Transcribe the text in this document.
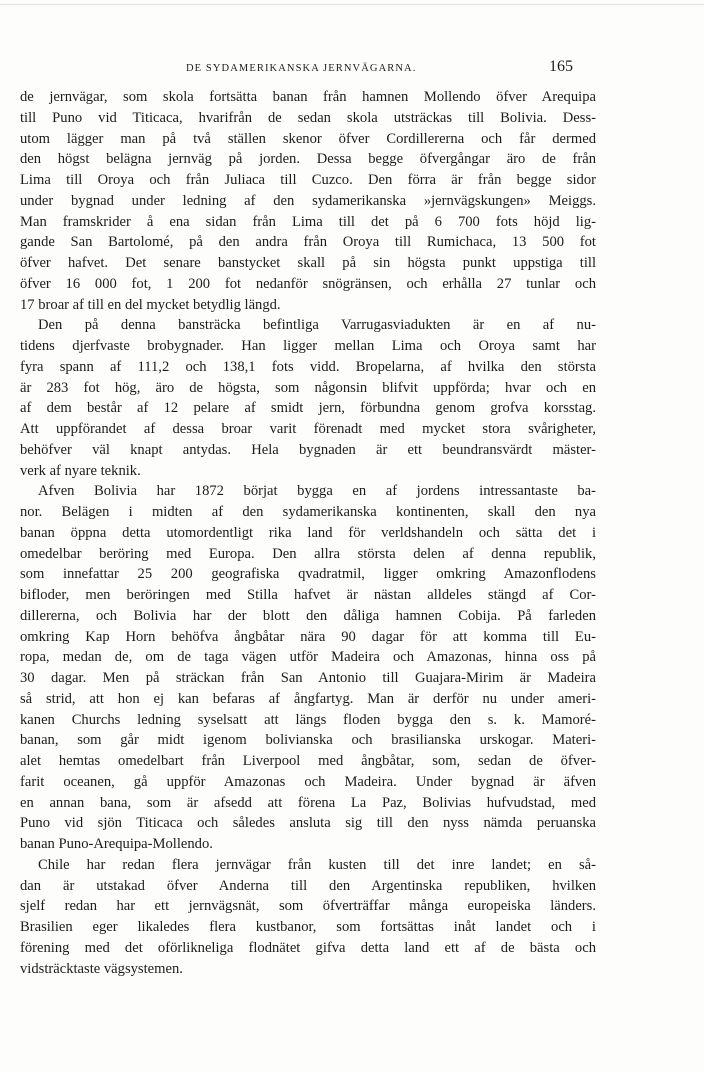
DE SYDAMERIKANSKA JERNVÄGARNA.	165
de jernvägar, som skola fortsätta banan från hamnen Mollendo öfver Arequipa
till Puno vid Titicaca, hvarifrån de sedan skola utsträckas till Bolivia. Dess-
utom lägger man på två ställen skenor öfver Cordillererna och får dermed
den högst belägna jernväg på jorden. Dessa begge öfvergångar äro de från
Lima till Oroya och från Juliaca till Cuzco. Den förra är från begge sidor
under bygnad under ledning af den sydamerikanska »jernvägskungen» Meiggs.
Man framskrider å ena sidan från Lima till det på 6 700 fots höjd lig-
gande San Bartolomé, på den andra från Oroya till Rumichaca, 13 500 fot
öfver hafvet. Det senare banstycket skall på sin högsta punkt uppstiga till
öfver 16 000 fot, 1 200 fot nedanför snögränsen, och erhålla 27 tunlar och
17 broar af till en del mycket betydlig längd.
Den på denna bansträcka befintliga Varrugasviadukten är en af nu-
tidens djerfvaste brobygnader. Han ligger mellan Lima och Oroya samt har
fyra spann af 111,2 och 138,1 fots vidd. Bropelarna, af hvilka den största
är 283 fot hög, äro de högsta, som någonsin blifvit uppförda; hvar och en
af dem består af 12 pelare af smidt jern, förbundna genom grofva korsstag.
Att uppförandet af dessa broar varit förenadt med mycket stora svårigheter,
behöfver väl knapt antydas. Hela bygnaden är ett beundransvärdt mäster-
verk af nyare teknik.
Afven Bolivia har 1872 börjat bygga en af jordens intressantaste ba-
nor. Belägen i midten af den sydamerikanska kontinenten, skall den nya
banan öppna detta utomordentligt rika land för verldshandeln och sätta det i
omedelbar beröring med Europa. Den allra största delen af denna republik,
som innefattar 25 200 geografiska qvadratmil, ligger omkring Amazonflodens
bifloder, men beröringen med Stilla hafvet är nästan alldeles stängd af Cor-
dillererna, och Bolivia har der blott den dåliga hamnen Cobija. På farleden
omkring Kap Horn behöfva ångbåtar nära 90 dagar för att komma till Eu-
ropa, medan de, om de taga vägen utför Madeira och Amazonas, hinna oss på
30 dagar. Men på sträckan från San Antonio till Guajara-Mirim är Madeira
så strid, att hon ej kan befaras af ångfartyg. Man är derför nu under ameri-
kanen Churchs ledning syselsatt att längs floden bygga den s. k. Mamoré-
banan, som går midt igenom bolivianska och brasilianska urskogar. Materi-
alet hemtas omedelbart från Liverpool med ångbåtar, som, sedan de öfver-
farit oceanen, gå uppför Amazonas och Madeira. Under bygnad är äfven
en annan bana, som är afsedd att förena La Paz, Bolivias hufvudstad, med
Puno vid sjön Titicaca och således ansluta sig till den nyss nämda peruanska
banan Puno-Arequipa-Mollendo.
Chile har redan flera jernvägar från kusten till det inre landet; en så-
dan är utstakad öfver Anderna till den Argentinska republiken, hvilken
sjelf redan har ett jernvägsnät, som öfverträffar många europeiska länders.
Brasilien eger likaledes flera kustbanor, som fortsättas inåt landet och i
förening med det oförlikneliga flodnätet gifva detta land ett af de bästa och
vidsträcktaste vägsystemen.
